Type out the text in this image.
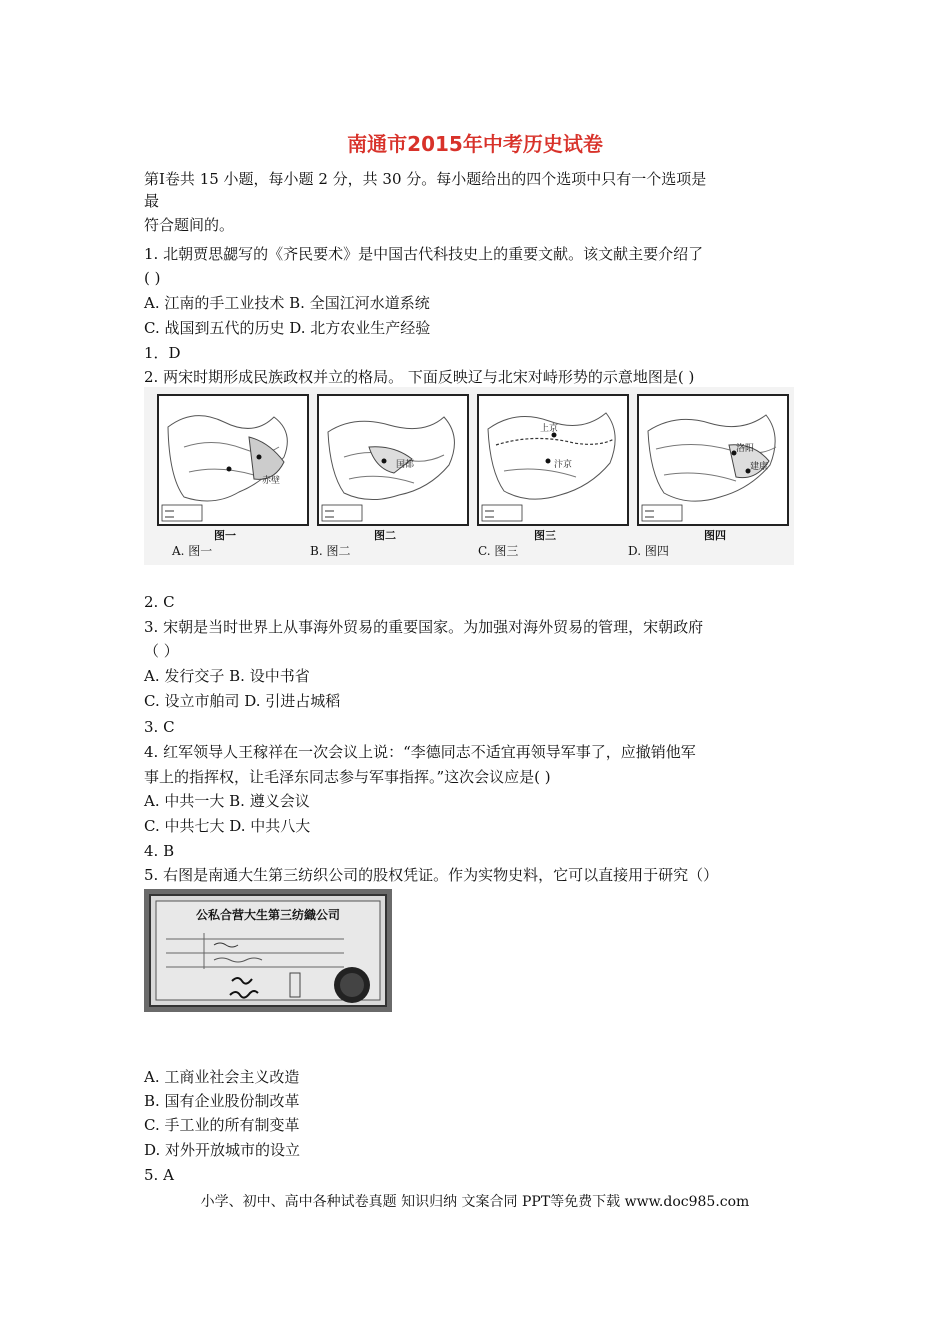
南通市2015年中考历史试卷
第Ⅰ卷共 15 小题，每小题 2 分，共 30 分。每小题给出的四个选项中只有一个选项是
最
符合题间的。
1. 北朝贾思勰写的《齐民要术》是中国古代科技史上的重要文献。该文献主要介绍了
( )
A. 江南的手工业技术 B. 全国江河水道系统
C. 战国到五代的历史 D. 北方农业生产经验
1．D
2. 两宋时期形成民族政权并立的格局。 下面反映辽与北宋对峙形势的示意地图是( )
赤壁
国都
上京
汴京
洛阳
建康
图一	图二	图三	图四
A. 图一	B. 图二	C. 图三	D. 图四
2. C
3. 宋朝是当时世界上从事海外贸易的重要国家。为加强对海外贸易的管理，宋朝政府
（ ）
A. 发行交子 B. 设中书省
C. 设立市舶司 D. 引进占城稻
3. C
4. 红军领导人王稼祥在一次会议上说：“李德同志不适宜再领导军事了，应撤销他军
事上的指挥权，让毛泽东同志参与军事指挥。”这次会议应是( )
A. 中共一大 B. 遵义会议
C. 中共七大 D. 中共八大
4. B
5. 右图是南通大生第三纺织公司的股权凭证。作为实物史料，它可以直接用于研究（）
公私合营大生第三纺織公司
A. 工商业社会主义改造
B. 国有企业股份制改革
C. 手工业的所有制变革
D. 对外开放城市的设立
5. A
小学、初中、高中各种试卷真题 知识归纳 文案合同 PPT等免费下载 www.doc985.com
